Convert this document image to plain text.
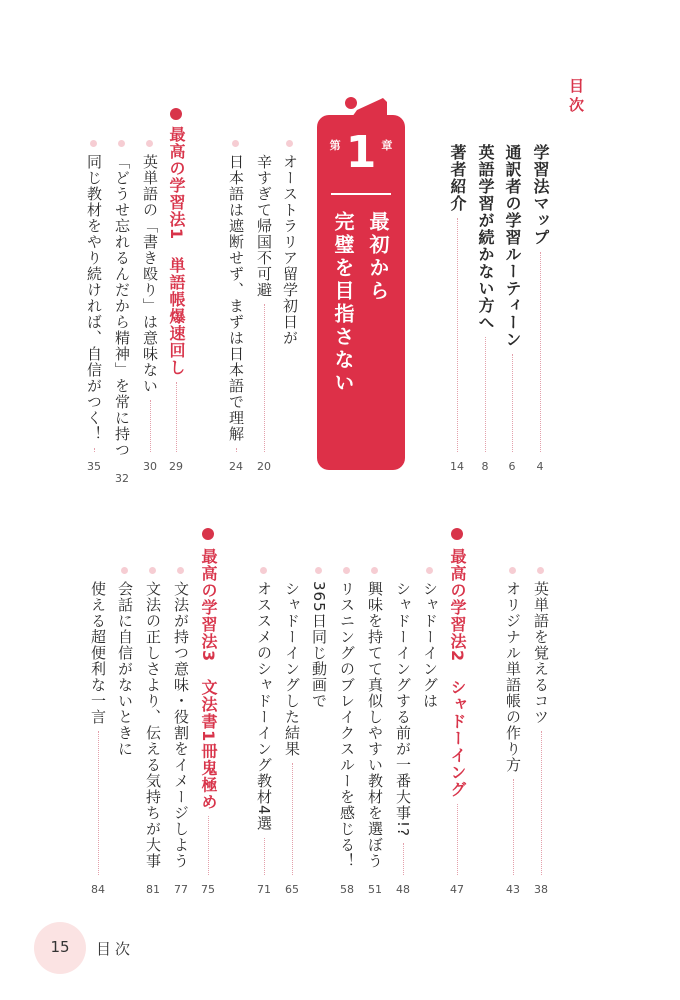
目次
学習法マップ
4
通訳者の学習ルーティーン
6
英語学習が続かない方へ
8
著者紹介
14
$^第$ 1 $^章$
最初から
完璧を目指さない
オーストラリア留学初日が
辛すぎて帰国不可避
20
日本語は遮断せず、まずは日本語で理解
24
最高の学習法1　単語帳爆速回し
29
英単語の「書き殴り」は意味ない
30
「どうせ忘れるんだから精神」を常に持つ
32
同じ教材をやり続ければ、自信がつく！
35
英単語を覚えるコツ
38
オリジナル単語帳の作り方
43
最高の学習法2　シャドーイング
47
シャドーイングは
シャドーイングする前が一番大事!?
48
興味を持てて真似しやすい教材を選ぼう
51
リスニングのブレイクスルーを感じる！
58
365日同じ動画で
シャドーイングした結果
65
オススメのシャドーイング教材4選
71
最高の学習法3　文法書1冊鬼極め
75
文法が持つ意味・役割をイメージしよう
77
文法の正しさより、伝える気持ちが大事
81
会話に自信がないときに
使える超便利な一言
84
15	目次
